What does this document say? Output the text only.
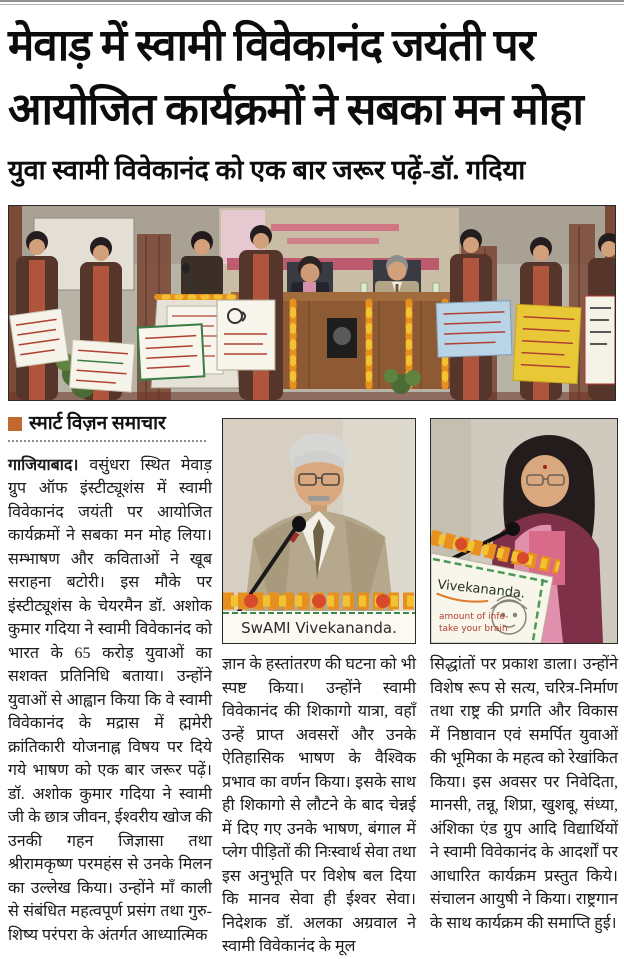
मेवाड़ में स्वामी विवेकानंद जयंती पर
आयोजित कार्यक्रमों ने सबका मन मोहा
युवा स्वामी विवेकानंद को एक बार जरूर पढ़ें-डॉ. गदिया
स्मार्ट विज़न समाचार
गाजियाबाद। वसुंधरा स्थित मेवाड़ ग्रुप ऑफ इंस्टीट्यूशंस में स्वामी विवेकानंद जयंती पर आयोजित कार्यक्रमों ने सबका मन मोह लिया। सम्भाषण और कविताओं ने खूब सराहना बटोरी। इस मौके पर इंस्टीट्यूशंस के चेयरमैन डॉ. अशोक कुमार गदिया ने स्वामी विवेकानंद को भारत के 65 करोड़ युवाओं का सशक्त प्रतिनिधि बताया। उन्होंने युवाओं से आह्वान किया कि वे स्वामी विवेकानंद के मद्रास में ह्ममेरी क्रांतिकारी योजनाह्न विषय पर दिये गये भाषण को एक बार जरूर पढ़ें। डॉ. अशोक कुमार गदिया ने स्वामी जी के छात्र जीवन, ईश्वरीय खोज की उनकी गहन जिज्ञासा तथा श्रीरामकृष्ण परमहंस से उनके मिलन का उल्लेख किया। उन्होंने माँ काली से संबंधित महत्वपूर्ण प्रसंग तथा गुरु-शिष्य परंपरा के अंतर्गत आध्यात्मिक
SwAMI Vivekananda.
ज्ञान के हस्तांतरण की घटना को भी स्पष्ट किया। उन्होंने स्वामी विवेकानंद की शिकागो यात्रा, वहाँ उन्हें प्राप्त अवसरों और उनके ऐतिहासिक भाषण के वैश्विक प्रभाव का वर्णन किया। इसके साथ ही शिकागो से लौटने के बाद चेन्नई में दिए गए उनके भाषण, बंगाल में प्लेग पीड़ितों की निःस्वार्थ सेवा तथा इस अनुभूति पर विशेष बल दिया कि मानव सेवा ही ईश्वर सेवा। निदेशक डॉ. अलका अग्रवाल ने स्वामी विवेकानंद के मूल
Vivekananda.
amount of info-
take your brain
सिद्धांतों पर प्रकाश डाला। उन्होंने विशेष रूप से सत्य, चरित्र-निर्माण तथा राष्ट्र की प्रगति और विकास में निष्ठावान एवं समर्पित युवाओं की भूमिका के महत्व को रेखांकित किया। इस अवसर पर निवेदिता, मानसी, तन्नू, शिप्रा, खुशबू, संध्या, अंशिका एंड ग्रुप आदि विद्यार्थियों ने स्वामी विवेकानंद के आदर्शों पर आधारित कार्यक्रम प्रस्तुत किये। संचालन आयुषी ने किया। राष्ट्रगान के साथ कार्यक्रम की समाप्ति हुई।
